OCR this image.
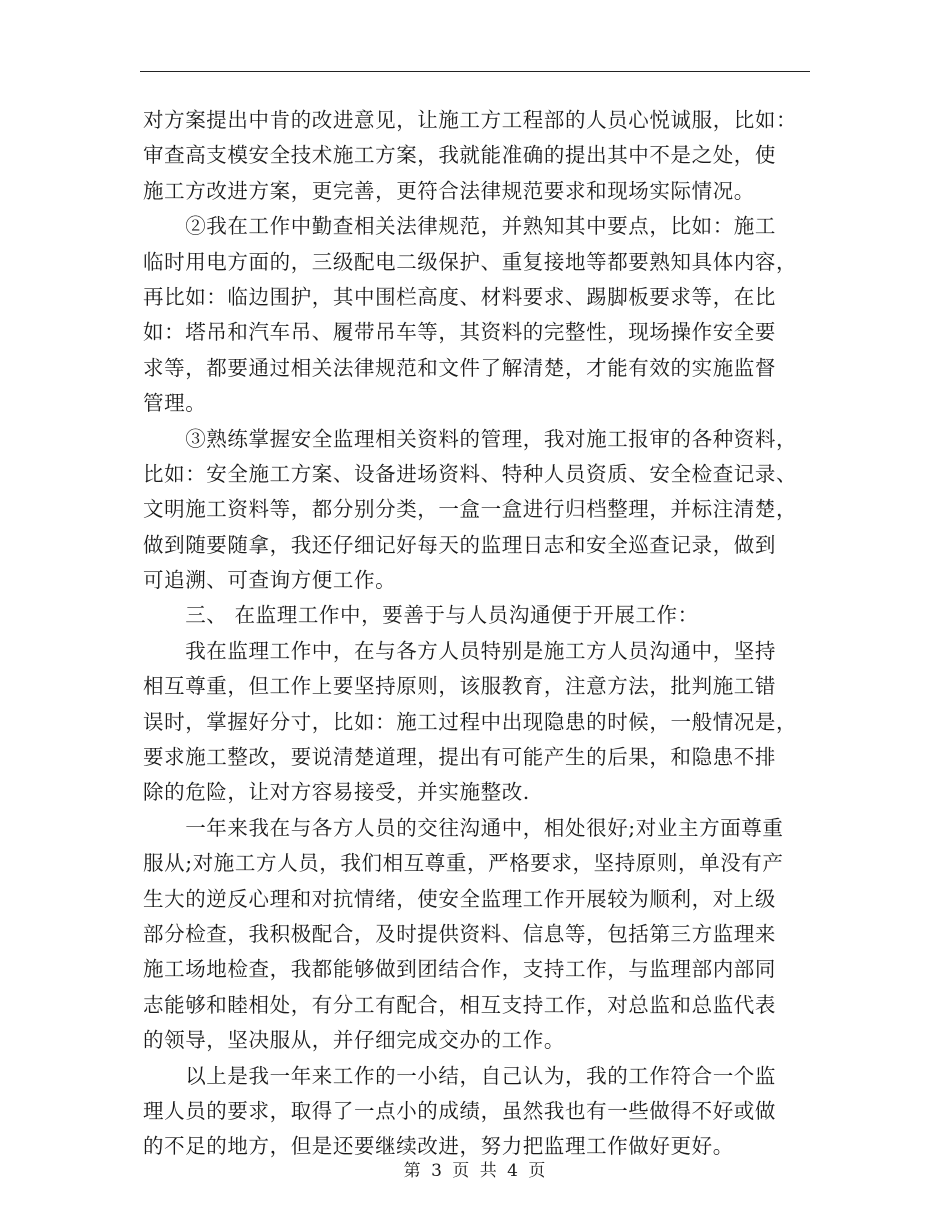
对方案提出中肯的改进意见，让施工方工程部的人员心悦诚服，比如：
审查高支模安全技术施工方案，我就能准确的提出其中不是之处，使
施工方改进方案，更完善，更符合法律规范要求和现场实际情况。
　　②我在工作中勤查相关法律规范，并熟知其中要点，比如：施工
临时用电方面的，三级配电二级保护、重复接地等都要熟知具体内容，
再比如：临边围护，其中围栏高度、材料要求、踢脚板要求等，在比
如：塔吊和汽车吊、履带吊车等，其资料的完整性，现场操作安全要
求等，都要通过相关法律规范和文件了解清楚，才能有效的实施监督
管理。
　　③熟练掌握安全监理相关资料的管理，我对施工报审的各种资料，
比如：安全施工方案、设备进场资料、特种人员资质、安全检查记录、
文明施工资料等，都分别分类，一盒一盒进行归档整理，并标注清楚，
做到随要随拿，我还仔细记好每天的监理日志和安全巡查记录，做到
可追溯、可查询方便工作。
　　三、 在监理工作中，要善于与人员沟通便于开展工作：
　　我在监理工作中，在与各方人员特别是施工方人员沟通中，坚持
相互尊重，但工作上要坚持原则，该服教育，注意方法，批判施工错
误时，掌握好分寸，比如：施工过程中出现隐患的时候，一般情况是，
要求施工整改，要说清楚道理，提出有可能产生的后果，和隐患不排
除的危险，让对方容易接受，并实施整改.
　　一年来我在与各方人员的交往沟通中，相处很好;对业主方面尊重
服从;对施工方人员，我们相互尊重，严格要求，坚持原则，单没有产
生大的逆反心理和对抗情绪，使安全监理工作开展较为顺利，对上级
部分检查，我积极配合，及时提供资料、信息等，包括第三方监理来
施工场地检查，我都能够做到团结合作，支持工作，与监理部内部同
志能够和睦相处，有分工有配合，相互支持工作，对总监和总监代表
的领导，坚决服从，并仔细完成交办的工作。
　　以上是我一年来工作的一小结，自己认为，我的工作符合一个监
理人员的要求，取得了一点小的成绩，虽然我也有一些做得不好或做
的不足的地方，但是还要继续改进，努力把监理工作做好更好。
第 3 页 共 4 页
